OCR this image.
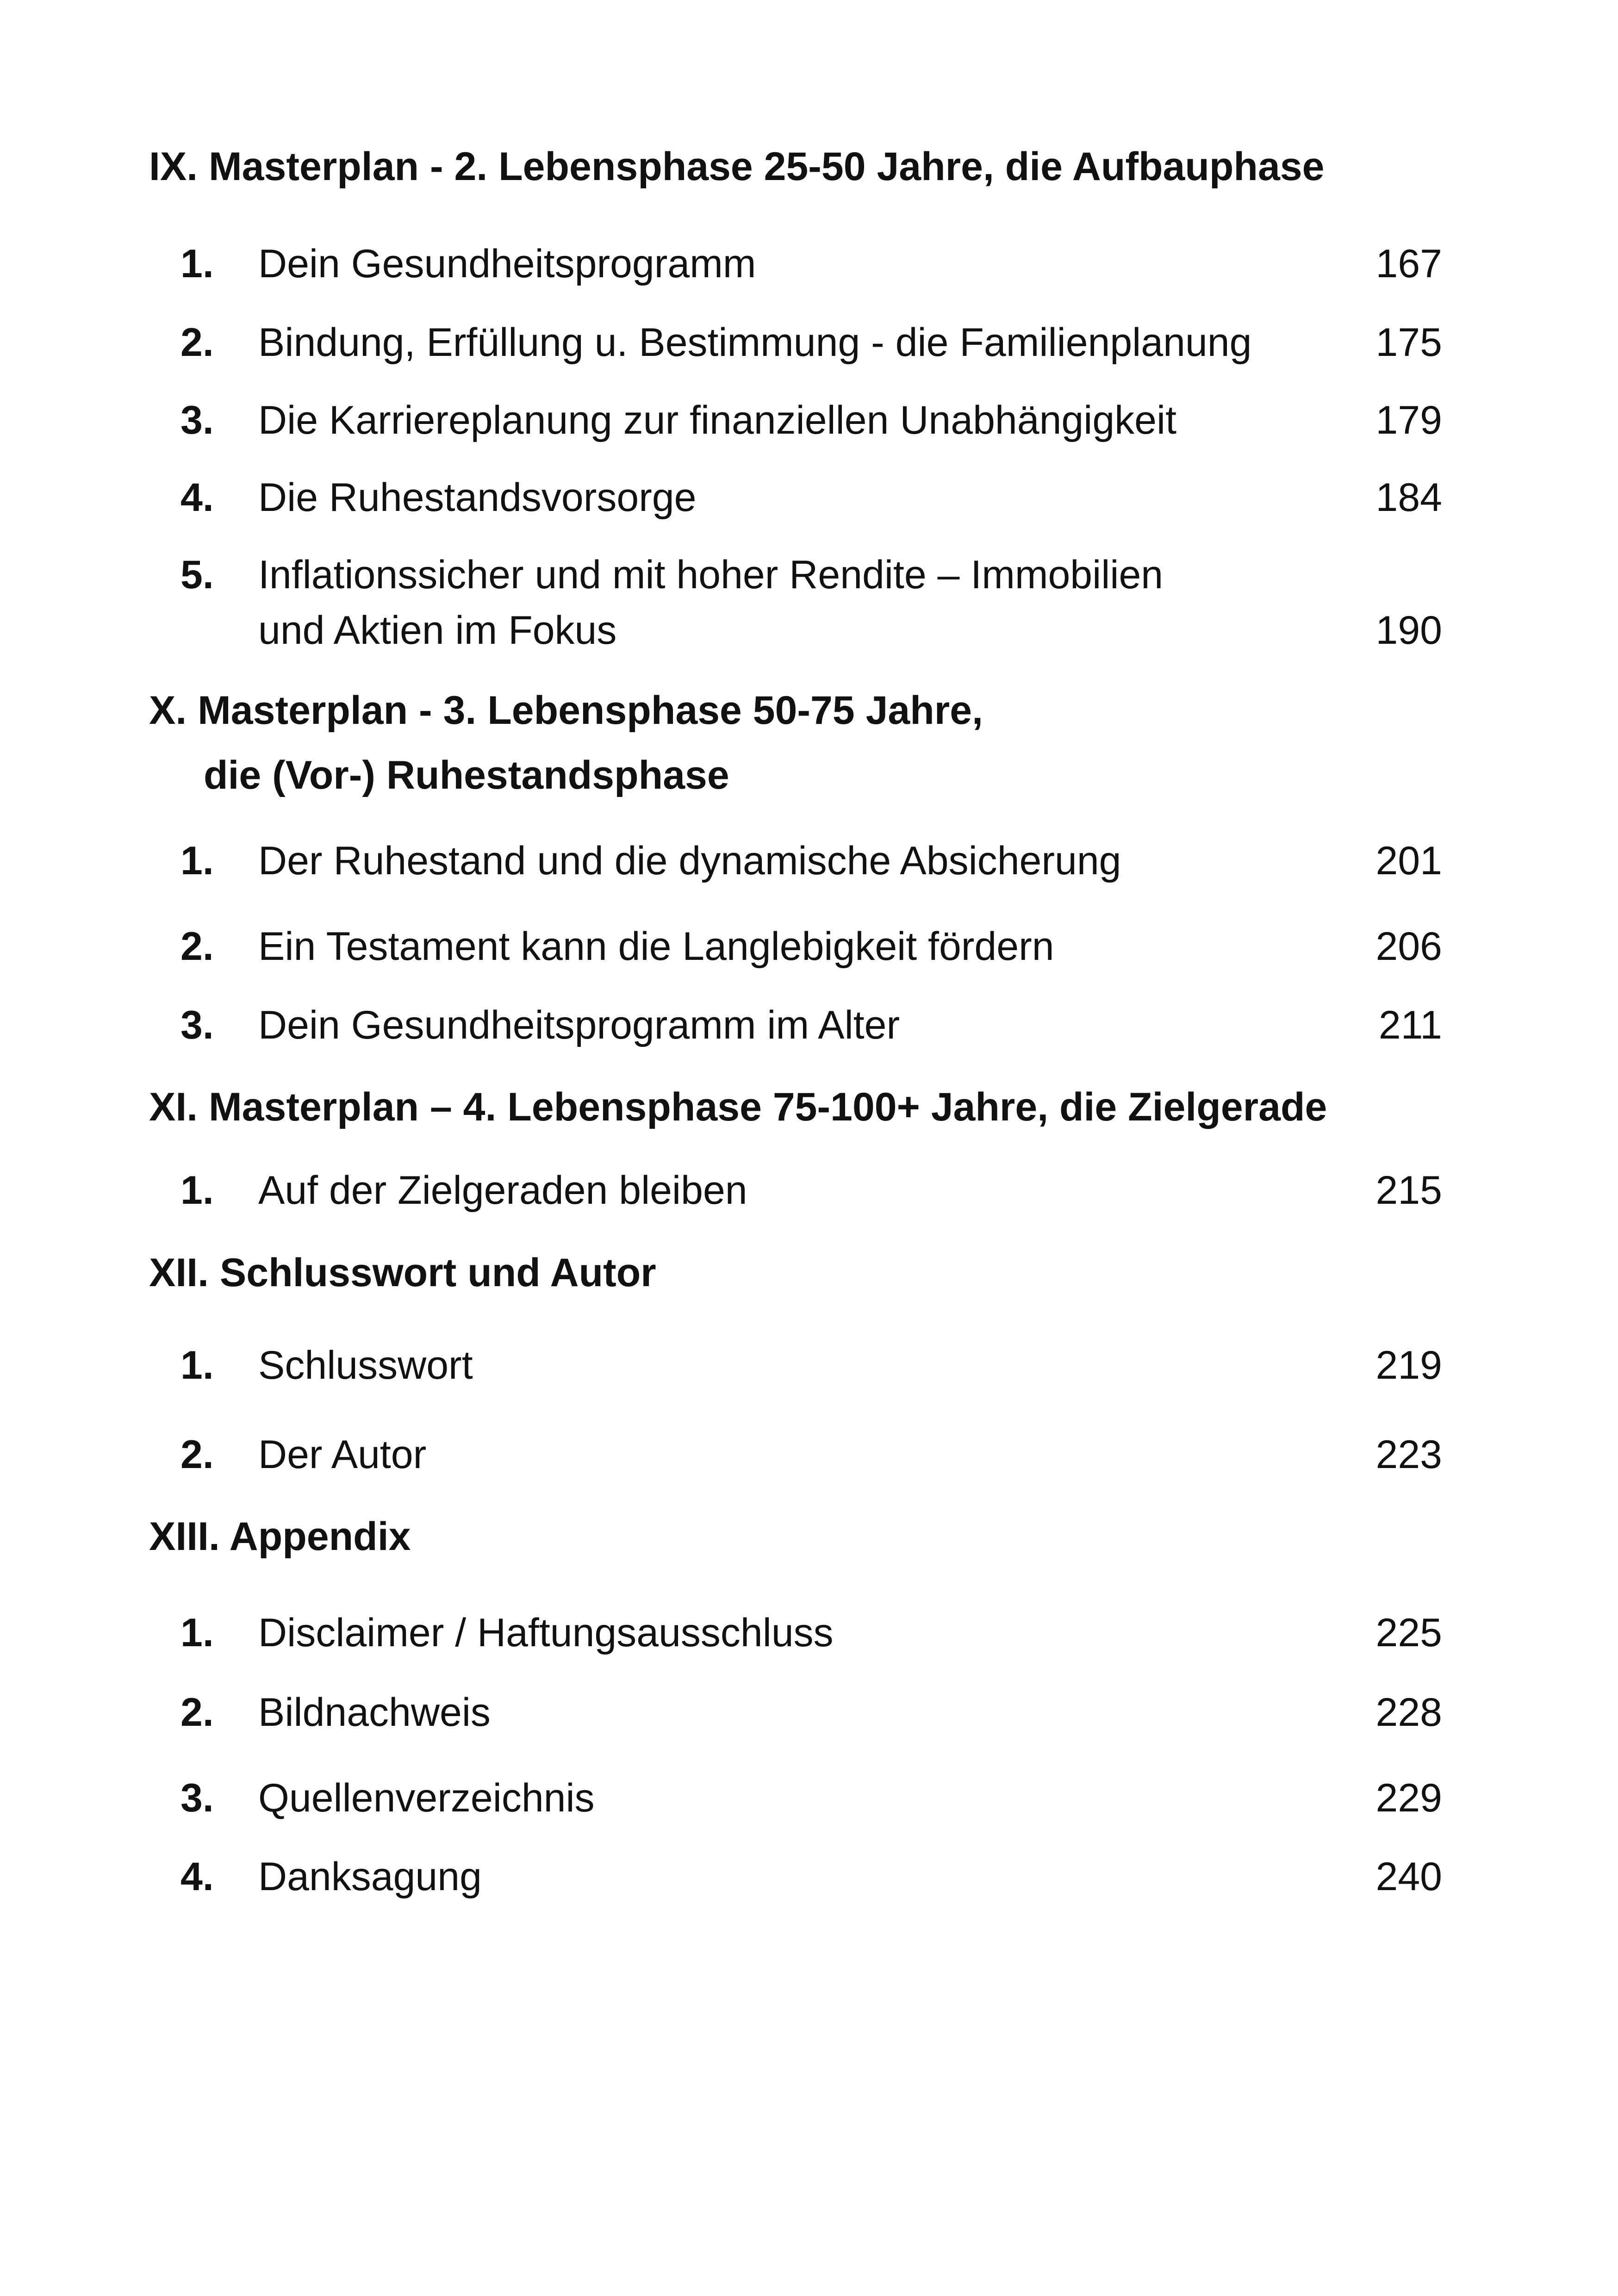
IX. Masterplan - 2. Lebensphase 25-50 Jahre, die Aufbauphase
1. Dein Gesundheitsprogramm	167
2. Bindung, Erfüllung u. Bestimmung - die Familienplanung	175
3. Die Karriereplanung zur finanziellen Unabhängigkeit	179
4. Die Ruhestandsvorsorge	184
5. Inflationssicher und mit hoher Rendite – Immobilien
und Aktien im Fokus	190
X. Masterplan - 3. Lebensphase 50-75 Jahre,
die (Vor-) Ruhestandsphase
1. Der Ruhestand und die dynamische Absicherung	201
2. Ein Testament kann die Langlebigkeit fördern	206
3. Dein Gesundheitsprogramm im Alter	211
XI. Masterplan – 4. Lebensphase 75-100+ Jahre, die Zielgerade
1. Auf der Zielgeraden bleiben	215
XII. Schlusswort und Autor
1. Schlusswort	219
2. Der Autor	223
XIII. Appendix
1. Disclaimer / Haftungsausschluss	225
2. Bildnachweis	228
3. Quellenverzeichnis	229
4. Danksagung	240
